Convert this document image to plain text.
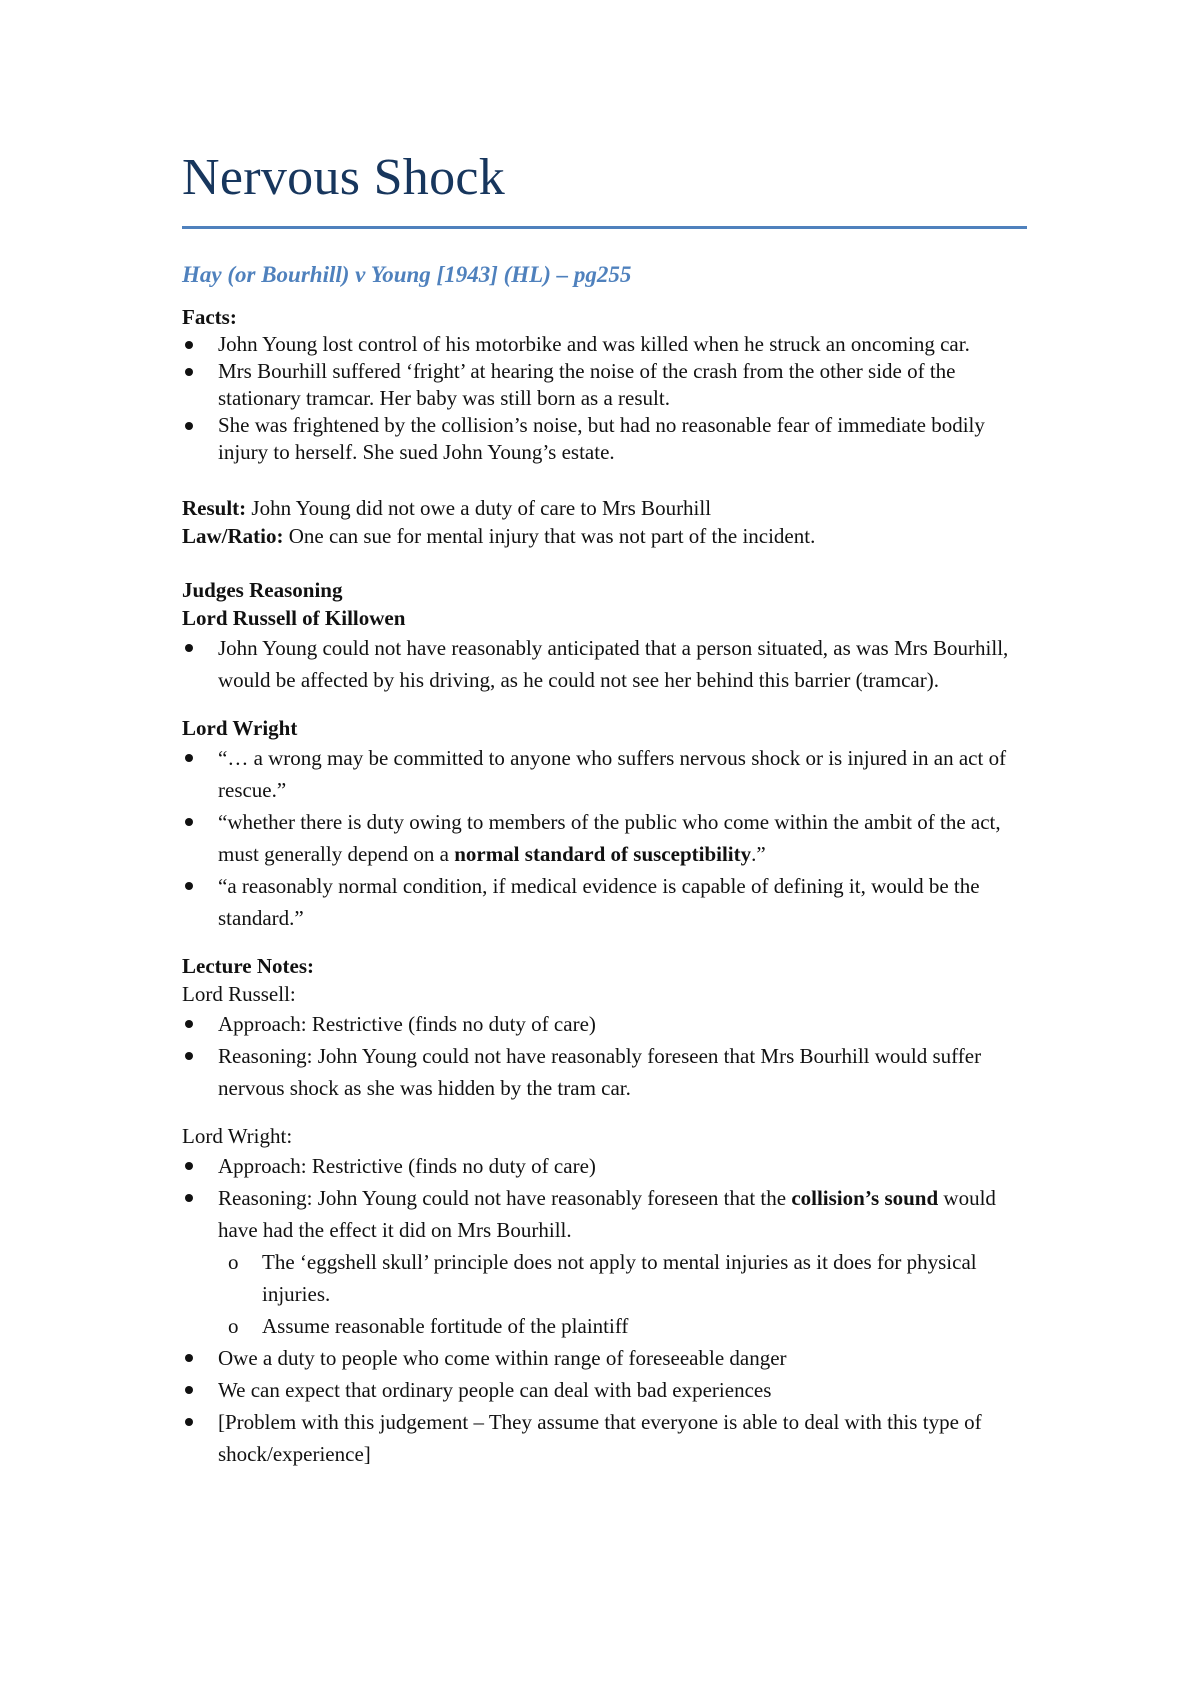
Nervous Shock
Hay (or Bourhill) v Young [1943] (HL) – pg255
Facts:
John Young lost control of his motorbike and was killed when he struck an oncoming car.
Mrs Bourhill suffered ‘fright’ at hearing the noise of the crash from the other side of the stationary tramcar. Her baby was still born as a result.
She was frightened by the collision’s noise, but had no reasonable fear of immediate bodily injury to herself. She sued John Young’s estate.
Result: John Young did not owe a duty of care to Mrs Bourhill
Law/Ratio: One can sue for mental injury that was not part of the incident.
Judges Reasoning
Lord Russell of Killowen
John Young could not have reasonably anticipated that a person situated, as was Mrs Bourhill, would be affected by his driving, as he could not see her behind this barrier (tramcar).
Lord Wright
“… a wrong may be committed to anyone who suffers nervous shock or is injured in an act of rescue.”
“whether there is duty owing to members of the public who come within the ambit of the act, must generally depend on a normal standard of susceptibility.”
“a reasonably normal condition, if medical evidence is capable of defining it, would be the standard.”
Lecture Notes:
Lord Russell:
Approach: Restrictive (finds no duty of care)
Reasoning: John Young could not have reasonably foreseen that Mrs Bourhill would suffer nervous shock as she was hidden by the tram car.
Lord Wright:
Approach: Restrictive (finds no duty of care)
Reasoning: John Young could not have reasonably foreseen that the collision’s sound would have had the effect it did on Mrs Bourhill.
o The ‘eggshell skull’ principle does not apply to mental injuries as it does for physical injuries.
o Assume reasonable fortitude of the plaintiff
Owe a duty to people who come within range of foreseeable danger
We can expect that ordinary people can deal with bad experiences
[Problem with this judgement – They assume that everyone is able to deal with this type of shock/experience]
